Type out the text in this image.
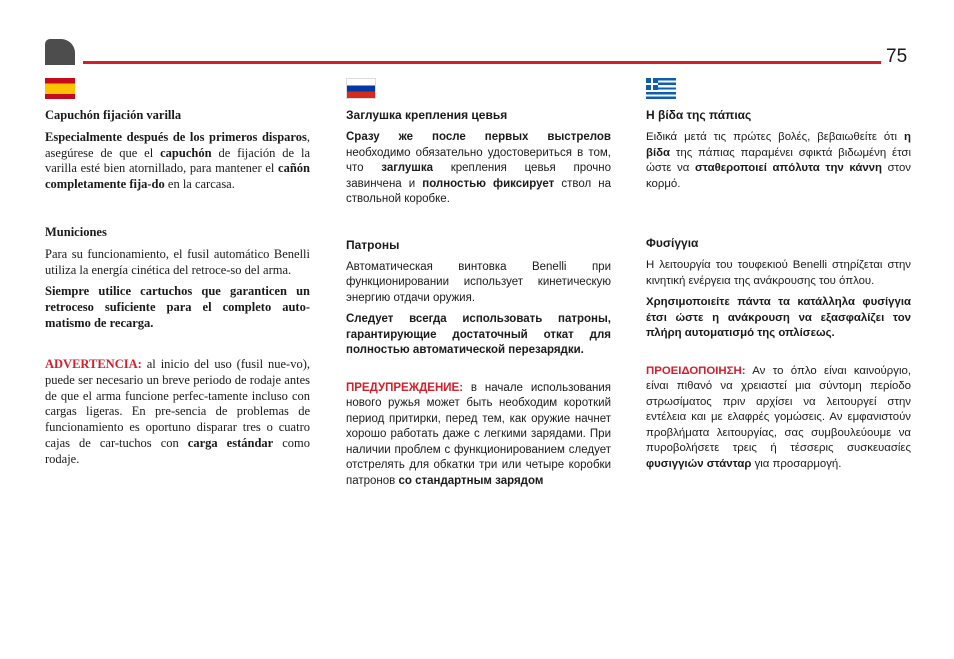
75
Capuchón fijación varilla

Especialmente después de los primeros disparos, asegúrese de que el capuchón de fijación de la varilla esté bien atornillado, para mantener el cañón completamente fija-do en la carcasa.

Municiones

Para su funcionamiento, el fusil automático Benelli utiliza la energía cinética del retroce-so del arma.

Siempre utilice cartuchos que garanticen un retroceso suficiente para el completo auto-matismo de recarga.

ADVERTENCIA: al inicio del uso (fusil nue-vo), puede ser necesario un breve periodo de rodaje antes de que el arma funcione perfec-tamente incluso con cargas ligeras. En pre-sencia de problemas de funcionamiento es oportuno disparar tres o cuatro cajas de car-tuchos con carga estándar como rodaje.

Заглушка крепления цевья

Сразу же после первых выстрелов необходимо обязательно удостовериться в том, что заглушка крепления цевья прочно завинчена и полностью фиксирует ствол на ствольной коробке.

Патроны

Автоматическая винтовка Benelli при функционировании использует кинетическую энергию отдачи оружия.

Следует всегда использовать патроны, гарантирующие достаточный откат для полностью автоматической перезарядки.

ПРЕДУПРЕЖДЕНИЕ: в начале использования нового ружья может быть необходим короткий период притирки, перед тем, как оружие начнет хорошо работать даже с легкими зарядами. При наличии проблем с функционированием следует отстрелять для обкатки три или четыре коробки патронов со стандартным зарядом

Η βίδα της πάπιας

Ειδικά μετά τις πρώτες βολές, βεβαιωθείτε ότι η βίδα της πάπιας παραμένει σφικτά βιδωμένη έτσι ώστε να σταθεροποιεί απόλυτα την κάννη στον κορμό.

Φυσίγγια

Η λειτουργία του τουφεκιού Benelli στηρίζεται στην κινητική ενέργεια της ανάκρουσης του όπλου.

Χρησιμοποιείτε πάντα τα κατάλληλα φυσίγγια έτσι ώστε η ανάκρουση να εξασφαλίζει τον πλήρη αυτοματισμό της οπλίσεως.

ΠΡΟΕΙΔΟΠΟΙΗΣΗ: Αν το όπλο είναι καινούργιο, είναι πιθανό να χρειαστεί μια σύντομη περίοδο στρωσίματος πριν αρχίσει να λειτουργεί στην εντέλεια και με ελαφρές γομώσεις. Αν εμφανιστούν προβλήματα λειτουργίας, σας συμβουλεύουμε να πυροβολήσετε τρεις ή τέσσερις συσκευασίες φυσιγγιών στάνταρ για προσαρμογή.
